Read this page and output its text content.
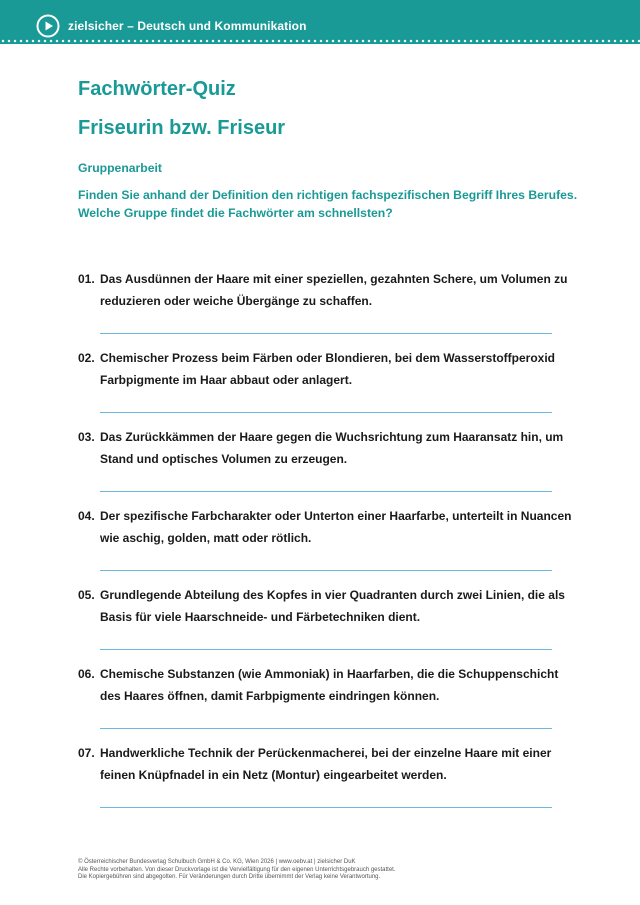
zielsicher – Deutsch und Kommunikation
Fachwörter-Quiz
Friseurin bzw. Friseur
Gruppenarbeit
Finden Sie anhand der Definition den richtigen fachspezifischen Begriff Ihres Berufes. Welche Gruppe findet die Fachwörter am schnellsten?
01. Das Ausdünnen der Haare mit einer speziellen, gezahnten Schere, um Volumen zu reduzieren oder weiche Übergänge zu schaffen.
02. Chemischer Prozess beim Färben oder Blondieren, bei dem Wasserstoffperoxid Farbpigmente im Haar abbaut oder anlagert.
03. Das Zurückkämmen der Haare gegen die Wuchsrichtung zum Haaransatz hin, um Stand und optisches Volumen zu erzeugen.
04. Der spezifische Farbcharakter oder Unterton einer Haarfarbe, unterteilt in Nuancen wie aschig, golden, matt oder rötlich.
05. Grundlegende Abteilung des Kopfes in vier Quadranten durch zwei Linien, die als Basis für viele Haarschneide- und Färbetechniken dient.
06. Chemische Substanzen (wie Ammoniak) in Haarfarben, die die Schuppenschicht des Haares öffnen, damit Farbpigmente eindringen können.
07. Handwerkliche Technik der Perückenmacherei, bei der einzelne Haare mit einer feinen Knüpfnadel in ein Netz (Montur) eingearbeitet werden.
© Österreichischer Bundesverlag Schulbuch GmbH & Co. KG, Wien 2026 | www.oebv.at | zielsicher DuK
Alle Rechte vorbehalten. Von dieser Druckvorlage ist die Vervielfältigung für den eigenen Unterrichtsgebrauch gestattet.
Die Kopiergebühren sind abgegolten. Für Veränderungen durch Dritte übernimmt der Verlag keine Verantwortung.
